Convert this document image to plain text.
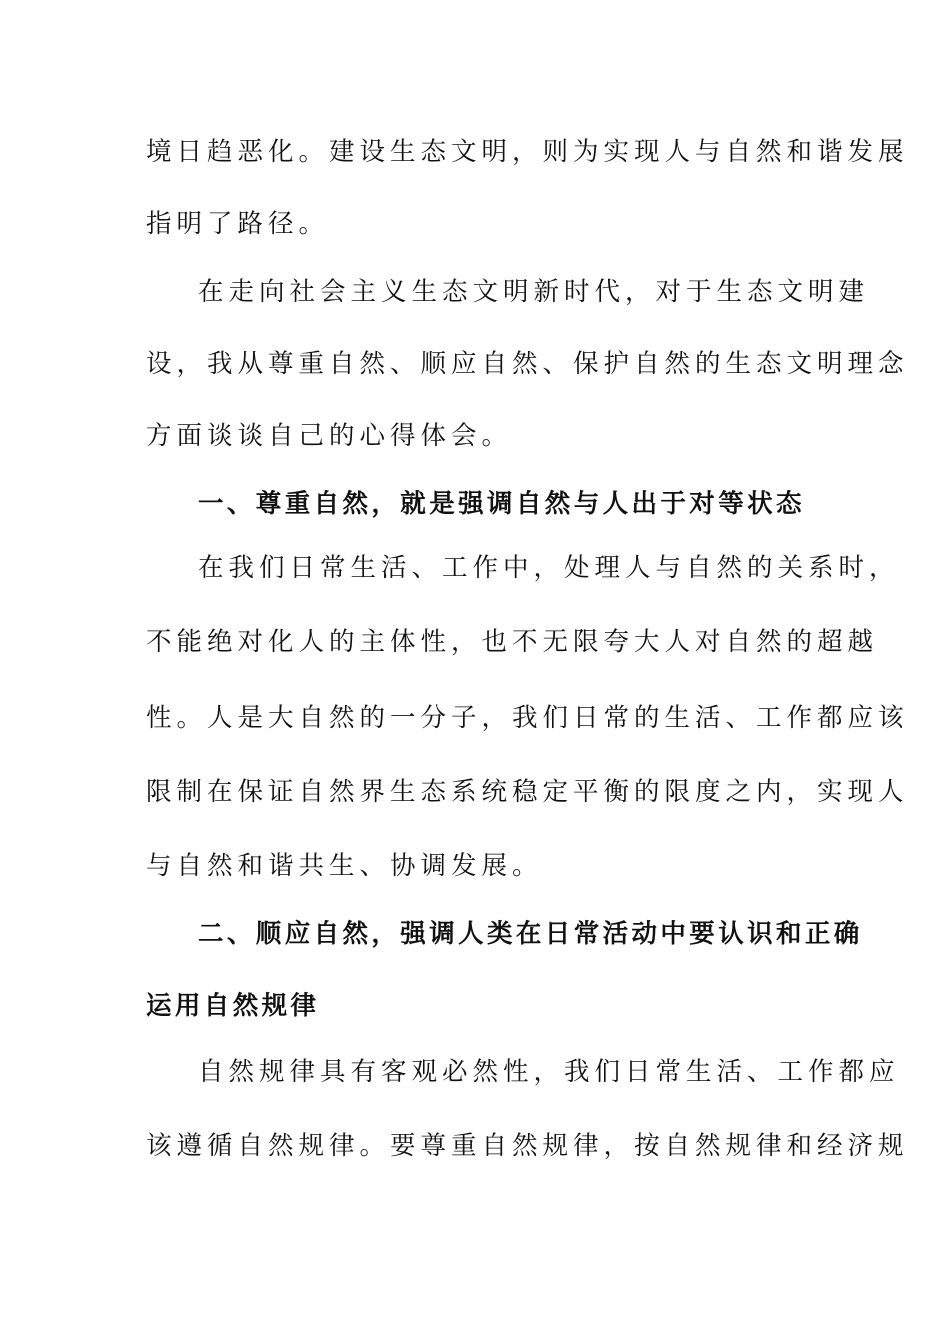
境日趋恶化。建设生态文明，则为实现人与自然和谐发展
指明了路径。
在走向社会主义生态文明新时代，对于生态文明建
设，我从尊重自然、顺应自然、保护自然的生态文明理念
方面谈谈自己的心得体会。
一、尊重自然，就是强调自然与人出于对等状态
在我们日常生活、工作中，处理人与自然的关系时，
不能绝对化人的主体性，也不无限夸大人对自然的超越
性。人是大自然的一分子，我们日常的生活、工作都应该
限制在保证自然界生态系统稳定平衡的限度之内，实现人
与自然和谐共生、协调发展。
二、顺应自然，强调人类在日常活动中要认识和正确
运用自然规律
自然规律具有客观必然性，我们日常生活、工作都应
该遵循自然规律。要尊重自然规律，按自然规律和经济规
